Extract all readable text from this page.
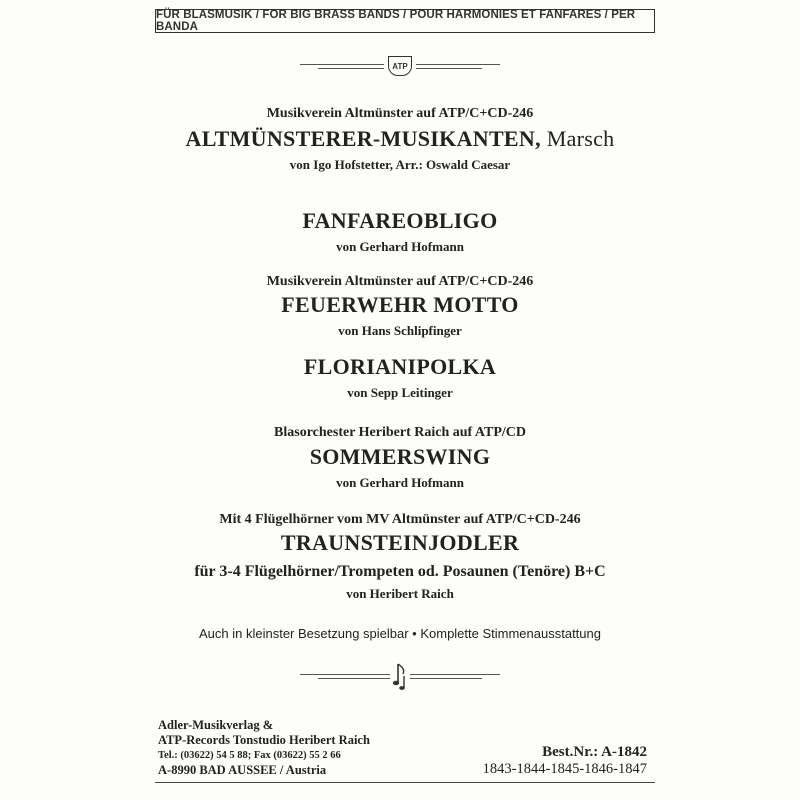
FÜR BLASMUSIK / FOR BIG BRASS BANDS / POUR HARMONIES ET FANFARES / PER BANDA
ATP
Musikverein Altmünster auf ATP/C+CD-246
ALTMÜNSTERER-MUSIKANTEN, Marsch
von Igo Hofstetter, Arr.: Oswald Caesar
FANFAREOBLIGO
von Gerhard Hofmann
Musikverein Altmünster auf ATP/C+CD-246
FEUERWEHR MOTTO
von Hans Schlipfinger
FLORIANIPOLKA
von Sepp Leitinger
Blasorchester Heribert Raich auf ATP/CD
SOMMERSWING
von Gerhard Hofmann
Mit 4 Flügelhörner vom MV Altmünster auf ATP/C+CD-246
TRAUNSTEINJODLER
für 3-4 Flügelhörner/Trompeten od. Posaunen (Tenöre) B+C
von Heribert Raich
Auch in kleinster Besetzung spielbar • Komplette Stimmenausstattung
Adler-Musikverlag &
ATP-Records Tonstudio Heribert Raich
Tel.: (03622) 54 5 88; Fax (03622) 55 2 66
A-8990 BAD AUSSEE / Austria
Best.Nr.: A-1842
1843-1844-1845-1846-1847
